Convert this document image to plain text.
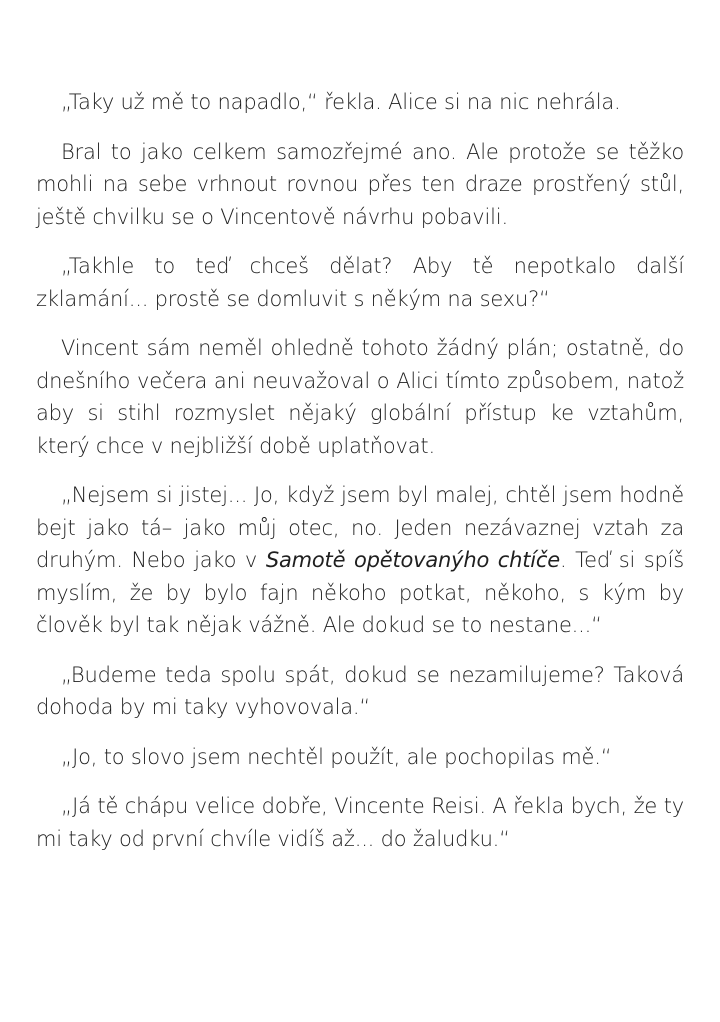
„Taky už mě to napadlo,“ řekla. Alice si na nic nehrála.

Bral to jako celkem samozřejmé ano. Ale protože se těžko mohli na sebe vrhnout rovnou přes ten draze prostřený stůl, ještě chvilku se o Vincentově návrhu pobavili.

„Takhle to teď chceš dělat? Aby tě nepotkalo další zklamání... prostě se domluvit s někým na sexu?“

Vincent sám neměl ohledně tohoto žádný plán; ostatně, do dnešního večera ani neuvažoval o Alici tímto způsobem, natož aby si stihl rozmyslet nějaký globální přístup ke vztahům, který chce v nejbližší době uplatňovat.

„Nejsem si jistej... Jo, když jsem byl malej, chtěl jsem hodně bejt jako tá– jako můj otec, no. Jeden nezávaznej vztah za druhým. Nebo jako v Samotě opětovanýho chtíče. Teď si spíš myslím, že by bylo fajn někoho potkat, někoho, s kým by člověk byl tak nějak vážně. Ale dokud se to nestane...“

„Budeme teda spolu spát, dokud se nezamilujeme? Taková dohoda by mi taky vyhovovala.“

„Jo, to slovo jsem nechtěl použít, ale pochopilas mě.“

„Já tě chápu velice dobře, Vincente Reisi. A řekla bych, že ty mi taky od první chvíle vidíš až... do žaludku.“
